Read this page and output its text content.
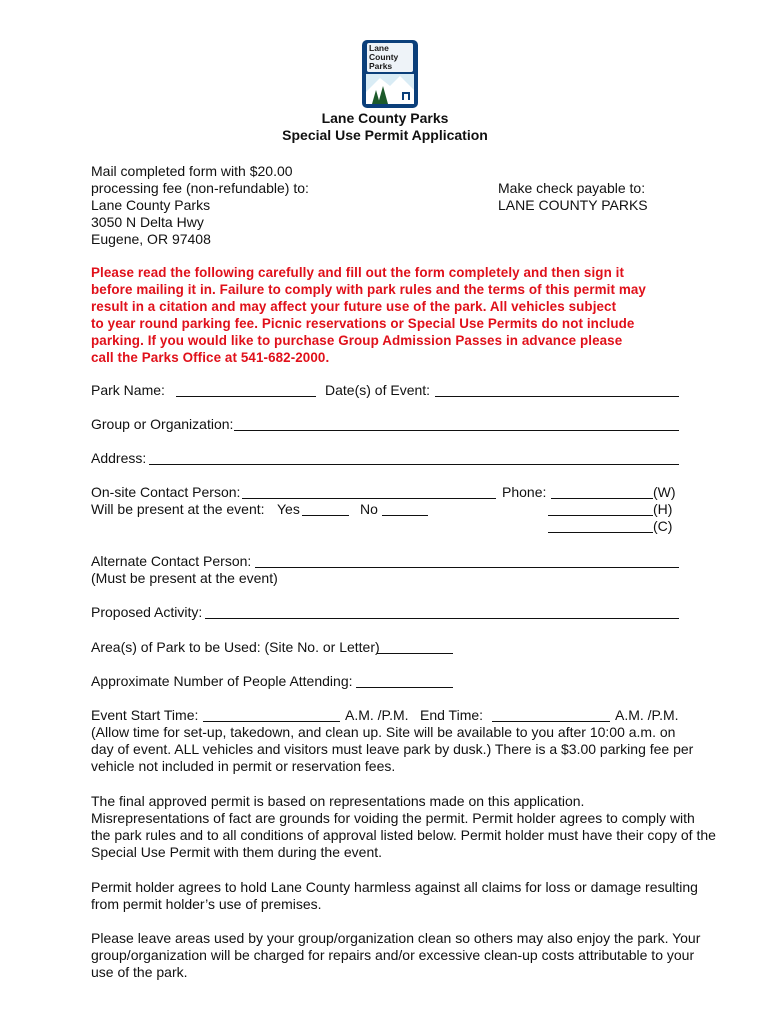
Lane
County
Parks
Lane County Parks
Special Use Permit Application
Mail completed form with $20.00
processing fee (non-refundable) to:
Lane County Parks
3050 N Delta Hwy
Eugene, OR 97408
Make check payable to:
LANE COUNTY PARKS
Please read the following carefully and fill out the form completely and then sign it
before mailing it in. Failure to comply with park rules and the terms of this permit may
result in a citation and may affect your future use of the park. All vehicles subject
to year round parking fee. Picnic reservations or Special Use Permits do not include
parking. If you would like to purchase Group Admission Passes in advance please
call the Parks Office at 541-682-2000.
Park Name:	Date(s) of Event:
Group or Organization:
Address:
On-site Contact Person:	Phone:	(W)
Will be present at the event: Yes	No	(H)
(C)
Alternate Contact Person:
(Must be present at the event)
Proposed Activity:
Area(s) of Park to be Used: (Site No. or Letter)
Approximate Number of People Attending:
Event Start Time:	A.M. /P.M. End Time:	A.M. /P.M.
(Allow time for set-up, takedown, and clean up. Site will be available to you after 10:00 a.m. on
day of event. ALL vehicles and visitors must leave park by dusk.) There is a $3.00 parking fee per
vehicle not included in permit or reservation fees.
The final approved permit is based on representations made on this application.
Misrepresentations of fact are grounds for voiding the permit. Permit holder agrees to comply with
the park rules and to all conditions of approval listed below. Permit holder must have their copy of the
Special Use Permit with them during the event.
Permit holder agrees to hold Lane County harmless against all claims for loss or damage resulting
from permit holder’s use of premises.
Please leave areas used by your group/organization clean so others may also enjoy the park. Your
group/organization will be charged for repairs and/or excessive clean-up costs attributable to your
use of the park.
